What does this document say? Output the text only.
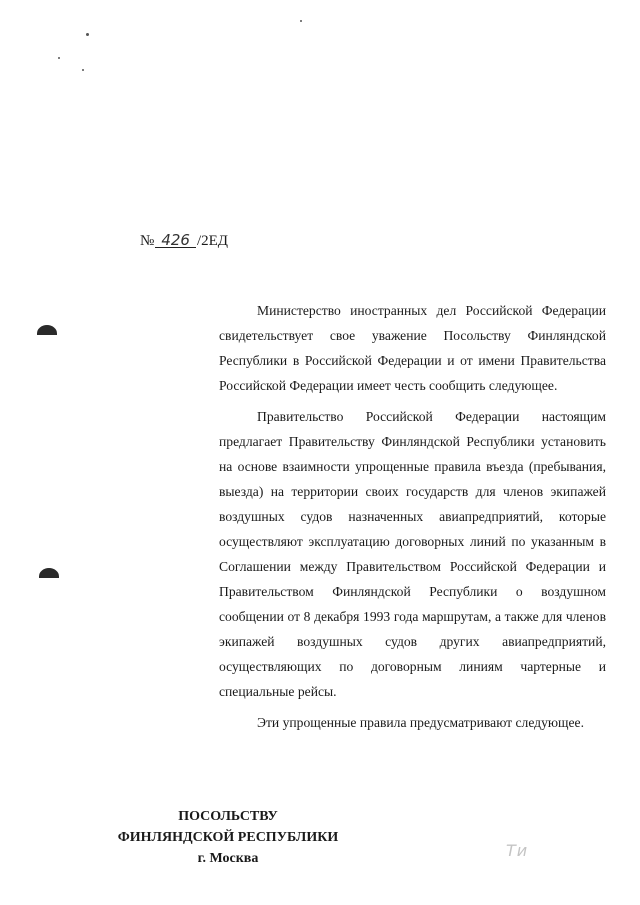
№ 426 /2ЕД

Министерство иностранных дел Российской Федерации свидетельствует свое уважение Посольству Финляндской Республики в Российской Федерации и от имени Правительства Российской Федерации имеет честь сообщить следующее.

Правительство Российской Федерации настоящим предлагает Правительству Финляндской Республики установить на основе взаимности упрощенные правила въезда (пребывания, выезда) на территории своих государств для членов экипажей воздушных судов назначенных авиапредприятий, которые осуществляют эксплуатацию договорных линий по указанным в Соглашении между Правительством Российской Федерации и Правительством Финляндской Республики о воздушном сообщении от 8 декабря 1993 года маршрутам, а также для членов экипажей воздушных судов других авиапредприятий, осуществляющих по договорным линиям чартерные и специальные рейсы.

Эти упрощенные правила предусматривают следующее.

ПОСОЛЬСТВУ
ФИНЛЯНДСКОЙ РЕСПУБЛИКИ
г. Москва	Ти
